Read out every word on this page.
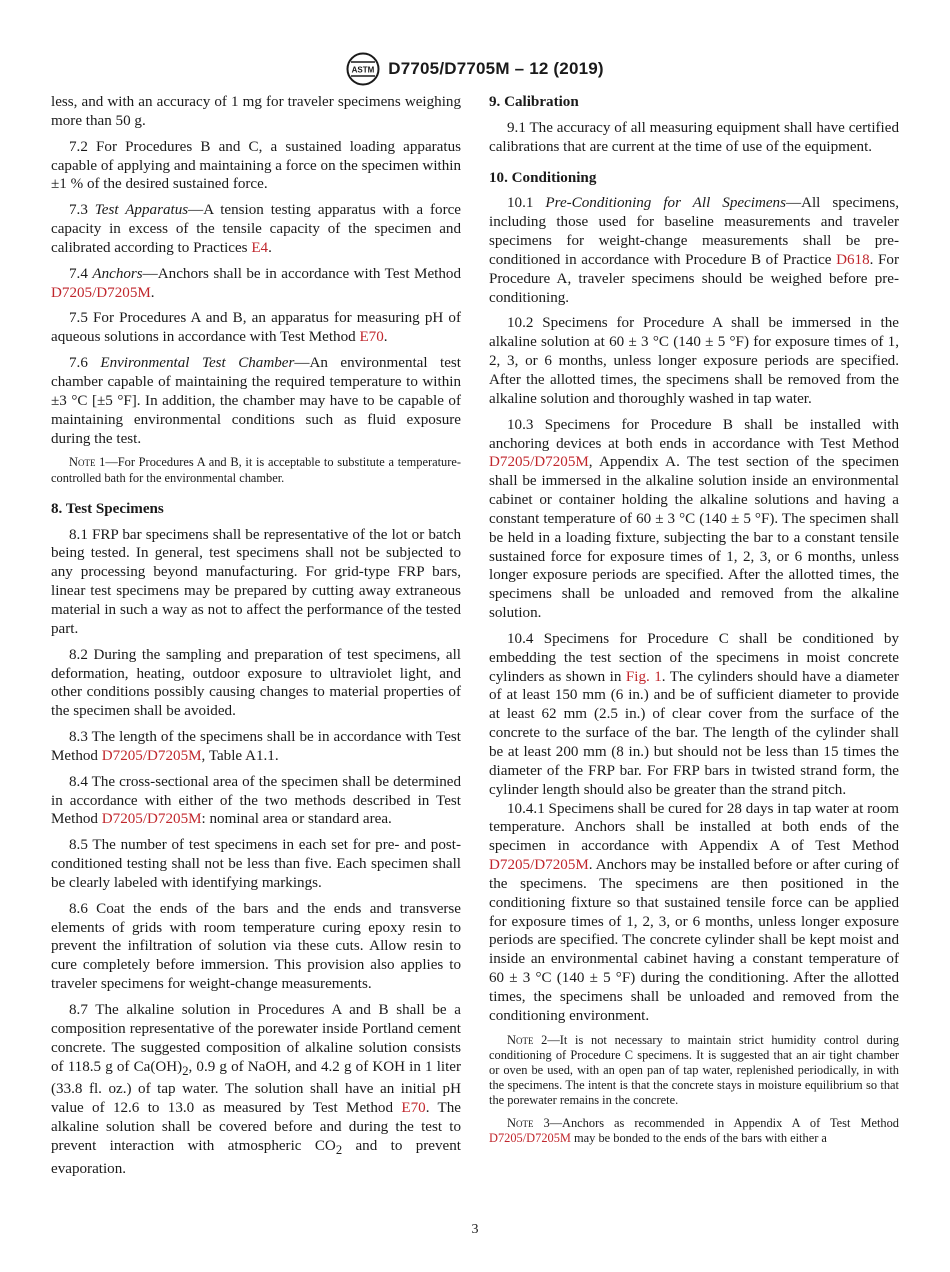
ASTM D7705/D7705M – 12 (2019)

less, and with an accuracy of 1 mg for traveler specimens weighing more than 50 g.

7.2 For Procedures B and C, a sustained loading apparatus capable of applying and maintaining a force on the specimen within ±1 % of the desired sustained force.

7.3 Test Apparatus—A tension testing apparatus with a force capacity in excess of the tensile capacity of the specimen and calibrated according to Practices E4.

7.4 Anchors—Anchors shall be in accordance with Test Method D7205/D7205M.

7.5 For Procedures A and B, an apparatus for measuring pH of aqueous solutions in accordance with Test Method E70.

7.6 Environmental Test Chamber—An environmental test chamber capable of maintaining the required temperature to within ±3 °C [±5 °F]. In addition, the chamber may have to be capable of maintaining environmental conditions such as fluid exposure during the test.

Note 1—For Procedures A and B, it is acceptable to substitute a temperature-controlled bath for the environmental chamber.

8. Test Specimens

8.1 FRP bar specimens shall be representative of the lot or batch being tested. In general, test specimens shall not be subjected to any processing beyond manufacturing. For grid-type FRP bars, linear test specimens may be prepared by cutting away extraneous material in such a way as not to affect the performance of the tested part.

8.2 During the sampling and preparation of test specimens, all deformation, heating, outdoor exposure to ultraviolet light, and other conditions possibly causing changes to material properties of the specimen shall be avoided.

8.3 The length of the specimens shall be in accordance with Test Method D7205/D7205M, Table A1.1.

8.4 The cross-sectional area of the specimen shall be determined in accordance with either of the two methods described in Test Method D7205/D7205M: nominal area or standard area.

8.5 The number of test specimens in each set for pre- and post-conditioned testing shall not be less than five. Each specimen shall be clearly labeled with identifying markings.

8.6 Coat the ends of the bars and the ends and transverse elements of grids with room temperature curing epoxy resin to prevent the infiltration of solution via these cuts. Allow resin to cure completely before immersion. This provision also applies to traveler specimens for weight-change measurements.

8.7 The alkaline solution in Procedures A and B shall be a composition representative of the porewater inside Portland cement concrete. The suggested composition of alkaline solution consists of 118.5 g of $Ca(OH)_2$, 0.9 g of NaOH, and 4.2 g of KOH in 1 liter (33.8 fl. oz.) of tap water. The solution shall have an initial pH value of 12.6 to 13.0 as measured by Test Method E70. The alkaline solution shall be covered before and during the test to prevent interaction with atmospheric $CO_2$ and to prevent evaporation.

9. Calibration

9.1 The accuracy of all measuring equipment shall have certified calibrations that are current at the time of use of the equipment.

10. Conditioning

10.1 Pre-Conditioning for All Specimens—All specimens, including those used for baseline measurements and traveler specimens for weight-change measurements shall be pre-conditioned in accordance with Procedure B of Practice D618. For Procedure A, traveler specimens should be weighed before pre-conditioning.

10.2 Specimens for Procedure A shall be immersed in the alkaline solution at 60 ± 3 °C (140 ± 5 °F) for exposure times of 1, 2, 3, or 6 months, unless longer exposure periods are specified. After the allotted times, the specimens shall be removed from the alkaline solution and thoroughly washed in tap water.

10.3 Specimens for Procedure B shall be installed with anchoring devices at both ends in accordance with Test Method D7205/D7205M, Appendix A. The test section of the specimen shall be immersed in the alkaline solution inside an environmental cabinet or container holding the alkaline solutions and having a constant temperature of 60 ± 3 °C (140 ± 5 °F). The specimen shall be held in a loading fixture, subjecting the bar to a constant tensile sustained force for exposure times of 1, 2, 3, or 6 months, unless longer exposure periods are specified. After the allotted times, the specimens shall be unloaded and removed from the alkaline solution.

10.4 Specimens for Procedure C shall be conditioned by embedding the test section of the specimens in moist concrete cylinders as shown in Fig. 1. The cylinders should have a diameter of at least 150 mm (6 in.) and be of sufficient diameter to provide at least 62 mm (2.5 in.) of clear cover from the surface of the concrete to the surface of the bar. The length of the cylinder shall be at least 200 mm (8 in.) but should not be less than 15 times the diameter of the FRP bar. For FRP bars in twisted strand form, the cylinder length should also be greater than the strand pitch.

10.4.1 Specimens shall be cured for 28 days in tap water at room temperature. Anchors shall be installed at both ends of the specimen in accordance with Appendix A of Test Method D7205/D7205M. Anchors may be installed before or after curing of the specimens. The specimens are then positioned in the conditioning fixture so that sustained tensile force can be applied for exposure times of 1, 2, 3, or 6 months, unless longer exposure periods are specified. The concrete cylinder shall be kept moist and inside an environmental cabinet having a constant temperature of 60 ± 3 °C (140 ± 5 °F) during the conditioning. After the allotted times, the specimens shall be unloaded and removed from the conditioning environment.

Note 2—It is not necessary to maintain strict humidity control during conditioning of Procedure C specimens. It is suggested that an air tight chamber or oven be used, with an open pan of tap water, replenished periodically, in with the specimens. The intent is that the concrete stays in moisture equilibrium so that the porewater remains in the concrete.

Note 3—Anchors as recommended in Appendix A of Test Method D7205/D7205M may be bonded to the ends of the bars with either a

3
